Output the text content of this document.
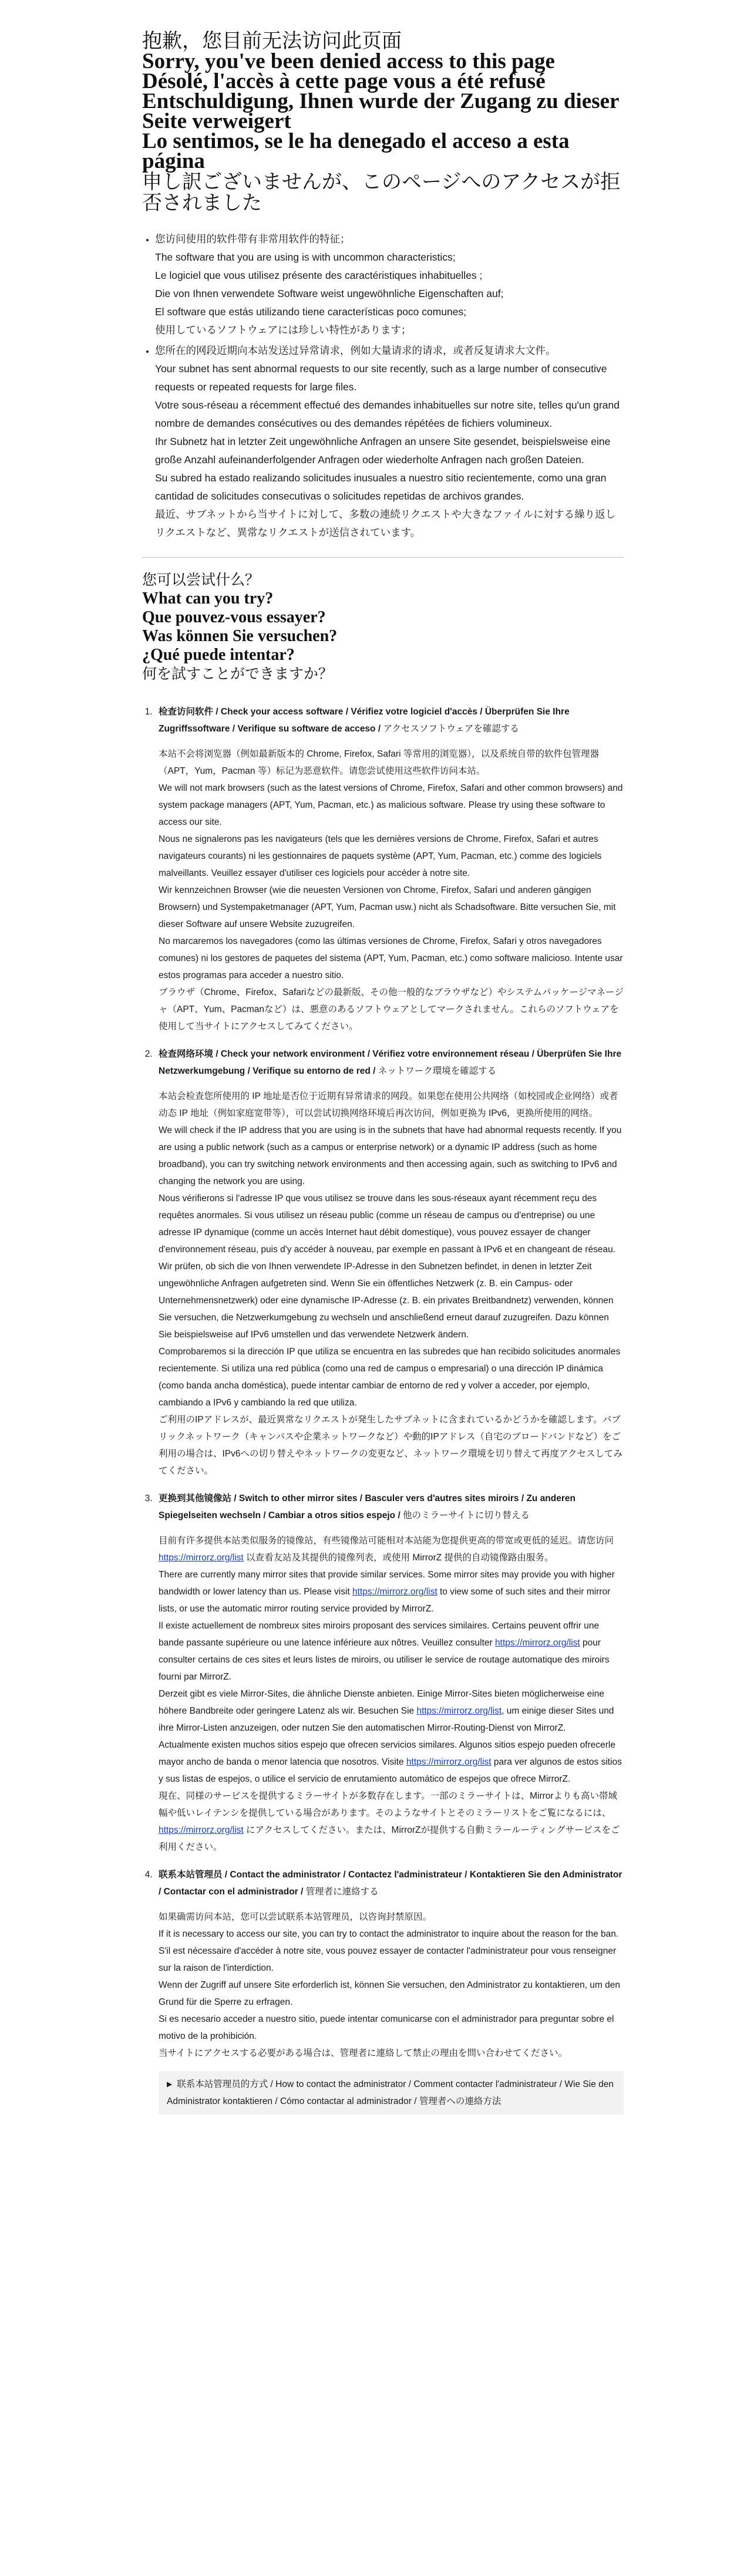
抱歉，您目前无法访问此页面
Sorry, you've been denied access to this page
Désolé, l'accès à cette page vous a été refusé
Entschuldigung, Ihnen wurde der Zugang zu dieser Seite verweigert
Lo sentimos, se le ha denegado el acceso a esta página
申し訳ございませんが、このページへのアクセスが拒否されました
• 您访问使用的软件带有非常用软件的特征；
The software that you are using is with uncommon characteristics;
Le logiciel que vous utilisez présente des caractéristiques inhabituelles ;
Die von Ihnen verwendete Software weist ungewöhnliche Eigenschaften auf;
El software que estás utilizando tiene características poco comunes;
使用しているソフトウェアには珍しい特性があります；
• 您所在的网段近期向本站发送过异常请求，例如大量请求的请求，或者反复请求大文件。
Your subnet has sent abnormal requests to our site recently, such as a large number of consecutive requests or repeated requests for large files.
Votre sous-réseau a récemment effectué des demandes inhabituelles sur notre site, telles qu'un grand nombre de demandes consécutives ou des demandes répétées de fichiers volumineux.
Ihr Subnetz hat in letzter Zeit ungewöhnliche Anfragen an unsere Site gesendet, beispielsweise eine große Anzahl aufeinanderfolgender Anfragen oder wiederholte Anfragen nach großen Dateien.
Su subred ha estado realizando solicitudes inusuales a nuestro sitio recientemente, como una gran cantidad de solicitudes consecutivas o solicitudes repetidas de archivos grandes.
最近、サブネットから当サイトに対して、多数の連続リクエストや大きなファイルに対する繰り返しリクエストなど、異常なリクエストが送信されています。
您可以尝试什么？
What can you try?
Que pouvez-vous essayer?
Was können Sie versuchen?
¿Qué puede intentar?
何を試すことができますか？
1. 检查访问软件 / Check your access software / Vérifiez votre logiciel d'accès / Überprüfen Sie Ihre Zugriffssoftware / Verifique su software de acceso / アクセスソフトウェアを確認する
本站不会将浏览器（例如最新版本的 Chrome, Firefox, Safari 等常用的浏览器），以及系统自带的软件包管理器（APT，Yum，Pacman 等）标记为恶意软件。请您尝试使用这些软件访问本站。
We will not mark browsers (such as the latest versions of Chrome, Firefox, Safari and other common browsers) and system package managers (APT, Yum, Pacman, etc.) as malicious software. Please try using these software to access our site.
Nous ne signalerons pas les navigateurs (tels que les dernières versions de Chrome, Firefox, Safari et autres navigateurs courants) ni les gestionnaires de paquets système (APT, Yum, Pacman, etc.) comme des logiciels malveillants. Veuillez essayer d'utiliser ces logiciels pour accéder à notre site.
Wir kennzeichnen Browser (wie die neuesten Versionen von Chrome, Firefox, Safari und anderen gängigen Browsern) und Systempaketmanager (APT, Yum, Pacman usw.) nicht als Schadsoftware. Bitte versuchen Sie, mit dieser Software auf unsere Website zuzugreifen.
No marcaremos los navegadores (como las últimas versiones de Chrome, Firefox, Safari y otros navegadores comunes) ni los gestores de paquetes del sistema (APT, Yum, Pacman, etc.) como software malicioso. Intente usar estos programas para acceder a nuestro sitio.
ブラウザ（Chrome、Firefox、Safariなどの最新版、その他一般的なブラウザなど）やシステムパッケージマネージャ（APT、Yum、Pacmanなど）は、悪意のあるソフトウェアとしてマークされません。これらのソフトウェアを使用して当サイトにアクセスしてみてください。
2. 检查网络环境 / Check your network environment / Vérifiez votre environnement réseau / Überprüfen Sie Ihre Netzwerkumgebung / Verifique su entorno de red / ネットワーク環境を確認する
本站会检查您所使用的 IP 地址是否位于近期有异常请求的网段。如果您在使用公共网络（如校园或企业网络）或者动态 IP 地址（例如家庭宽带等），可以尝试切换网络环境后再次访问，例如更换为 IPv6，更换所使用的网络。
We will check if the IP address that you are using is in the subnets that have had abnormal requests recently. If you are using a public network (such as a campus or enterprise network) or a dynamic IP address (such as home broadband), you can try switching network environments and then accessing again, such as switching to IPv6 and changing the network you are using.
Nous vérifierons si l'adresse IP que vous utilisez se trouve dans les sous-réseaux ayant récemment reçu des requêtes anormales. Si vous utilisez un réseau public (comme un réseau de campus ou d'entreprise) ou une adresse IP dynamique (comme un accès Internet haut débit domestique), vous pouvez essayer de changer d'environnement réseau, puis d'y accéder à nouveau, par exemple en passant à IPv6 et en changeant de réseau.
Wir prüfen, ob sich die von Ihnen verwendete IP-Adresse in den Subnetzen befindet, in denen in letzter Zeit ungewöhnliche Anfragen aufgetreten sind. Wenn Sie ein öffentliches Netzwerk (z. B. ein Campus- oder Unternehmensnetzwerk) oder eine dynamische IP-Adresse (z. B. ein privates Breitbandnetz) verwenden, können Sie versuchen, die Netzwerkumgebung zu wechseln und anschließend erneut darauf zuzugreifen. Dazu können Sie beispielsweise auf IPv6 umstellen und das verwendete Netzwerk ändern.
Comprobaremos si la dirección IP que utiliza se encuentra en las subredes que han recibido solicitudes anormales recientemente. Si utiliza una red pública (como una red de campus o empresarial) o una dirección IP dinámica (como banda ancha doméstica), puede intentar cambiar de entorno de red y volver a acceder, por ejemplo, cambiando a IPv6 y cambiando la red que utiliza.
ご利用のIPアドレスが、最近異常なリクエストが発生したサブネットに含まれているかどうかを確認します。パブリックネットワーク（キャンパスや企業ネットワークなど）や動的IPアドレス（自宅のブロードバンドなど）をご利用の場合は、IPv6への切り替えやネットワークの変更など、ネットワーク環境を切り替えて再度アクセスしてみてください。
3. 更换到其他镜像站 / Switch to other mirror sites / Basculer vers d'autres sites miroirs / Zu anderen Spiegelseiten wechseln / Cambiar a otros sitios espejo / 他のミラーサイトに切り替える
目前有许多提供本站类似服务的镜像站，有些镜像站可能相对本站能为您提供更高的带宽或更低的延迟。请您访问 https://mirrorz.org/list 以查看友站及其提供的镜像列表，或使用 MirrorZ 提供的自动镜像路由服务。
There are currently many mirror sites that provide similar services. Some mirror sites may provide you with higher bandwidth or lower latency than us. Please visit https://mirrorz.org/list to view some of such sites and their mirror lists, or use the automatic mirror routing service provided by MirrorZ.
Il existe actuellement de nombreux sites miroirs proposant des services similaires. Certains peuvent offrir une bande passante supérieure ou une latence inférieure aux nôtres. Veuillez consulter https://mirrorz.org/list pour consulter certains de ces sites et leurs listes de miroirs, ou utiliser le service de routage automatique des miroirs fourni par MirrorZ.
Derzeit gibt es viele Mirror-Sites, die ähnliche Dienste anbieten. Einige Mirror-Sites bieten möglicherweise eine höhere Bandbreite oder geringere Latenz als wir. Besuchen Sie https://mirrorz.org/list, um einige dieser Sites und ihre Mirror-Listen anzuzeigen, oder nutzen Sie den automatischen Mirror-Routing-Dienst von MirrorZ.
Actualmente existen muchos sitios espejo que ofrecen servicios similares. Algunos sitios espejo pueden ofrecerle mayor ancho de banda o menor latencia que nosotros. Visite https://mirrorz.org/list para ver algunos de estos sitios y sus listas de espejos, o utilice el servicio de enrutamiento automático de espejos que ofrece MirrorZ.
現在、同様のサービスを提供するミラーサイトが多数存在します。一部のミラーサイトは、Mirrorよりも高い帯域幅や低いレイテンシを提供している場合があります。そのようなサイトとそのミラーリストをご覧になるには、https://mirrorz.org/list にアクセスしてください。または、MirrorZが提供する自動ミラールーティングサービスをご利用ください。
4. 联系本站管理员 / Contact the administrator / Contactez l'administrateur / Kontaktieren Sie den Administrator / Contactar con el administrador / 管理者に連絡する
如果确需访问本站，您可以尝试联系本站管理员，以咨询封禁原因。
If it is necessary to access our site, you can try to contact the administrator to inquire about the reason for the ban.
S'il est nécessaire d'accéder à notre site, vous pouvez essayer de contacter l'administrateur pour vous renseigner sur la raison de l'interdiction.
Wenn der Zugriff auf unsere Site erforderlich ist, können Sie versuchen, den Administrator zu kontaktieren, um den Grund für die Sperre zu erfragen.
Si es necesario acceder a nuestro sitio, puede intentar comunicarse con el administrador para preguntar sobre el motivo de la prohibición.
当サイトにアクセスする必要がある場合は、管理者に連絡して禁止の理由を問い合わせてください。
▶ 联系本站管理员的方式 / How to contact the administrator / Comment contacter l'administrateur / Wie Sie den Administrator kontaktieren / Cómo contactar al administrador / 管理者への連絡方法
